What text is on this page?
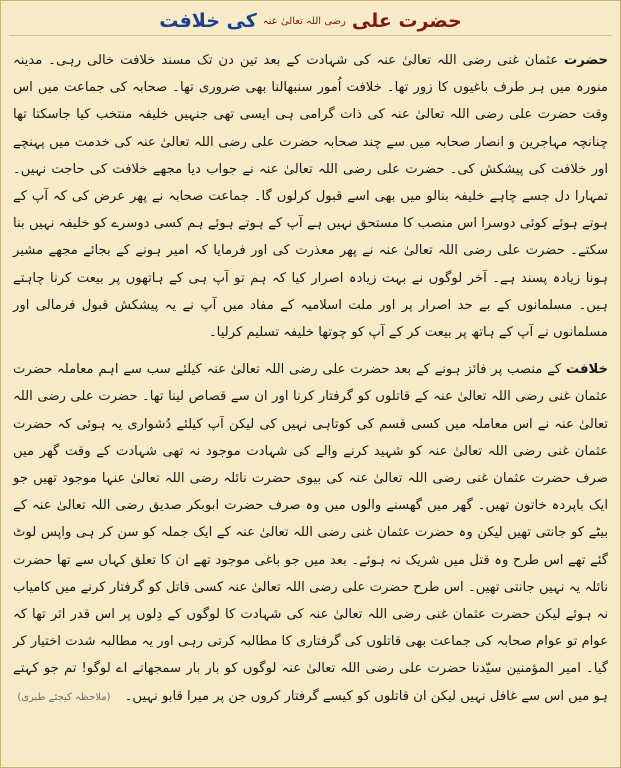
حضرت علی
رضی اللہ تعالیٰ عنہ
کی خلافت

حضرت عثمان غنی رضی اللہ تعالیٰ عنہ کی شہادت کے بعد تین دن تک مسند خلافت خالی رہی۔ مدینہ منورہ میں ہر طرف باغیوں کا زور تھا۔ خلافت اُمور سنبھالنا بھی ضروری تھا۔ صحابہ کی جماعت میں اس وقت حضرت علی رضی اللہ تعالیٰ عنہ کی ذات گرامی ہی ایسی تھی جنہیں خلیفہ منتخب کیا جاسکتا تھا چنانچہ مہاجرین و انصار صحابہ میں سے چند صحابہ حضرت علی رضی اللہ تعالیٰ عنہ کی خدمت میں پہنچے اور خلافت کی پیشکش کی۔ حضرت علی رضی اللہ تعالیٰ عنہ نے جواب دیا مجھے خلافت کی حاجت نہیں۔ تمہارا دل جسے چاہے خلیفہ بنالو میں بھی اسے قبول کرلوں گا۔ جماعت صحابہ نے پھر عرض کی کہ آپ کے ہوتے ہوئے کوئی دوسرا اس منصب کا مستحق نہیں ہے آپ کے ہوتے ہوئے ہم کسی دوسرے کو خلیفہ نہیں بنا سکتے۔ حضرت علی رضی اللہ تعالیٰ عنہ نے پھر معذرت کی اور فرمایا کہ امیر ہونے کے بجائے مجھے مشیر ہونا زیادہ پسند ہے۔ آخر لوگوں نے بہت زیادہ اصرار کیا کہ ہم تو آپ ہی کے ہاتھوں پر بیعت کرنا چاہتے ہیں۔ مسلمانوں کے بے حد اصرار پر اور ملت اسلامیہ کے مفاد میں آپ نے یہ پیشکش قبول فرمالی اور مسلمانوں نے آپ کے ہاتھ پر بیعت کر کے آپ کو چوتھا خلیفہ تسلیم کرلیا۔

خلافت کے منصب پر فائز ہونے کے بعد حضرت علی رضی اللہ تعالیٰ عنہ کیلئے سب سے اہم معاملہ حضرت عثمان غنی رضی اللہ تعالیٰ عنہ کے قاتلوں کو گرفتار کرنا اور ان سے قصاص لینا تھا۔ حضرت علی رضی اللہ تعالیٰ عنہ نے اس معاملہ میں کسی قسم کی کوتاہی نہیں کی لیکن آپ کیلئے دُشواری یہ ہوئی کہ حضرت عثمان غنی رضی اللہ تعالیٰ عنہ کو شہید کرنے والے کی شہادت موجود نہ تھی شہادت کے وقت گھر میں صرف حضرت عثمان غنی رضی اللہ تعالیٰ عنہ کی بیوی حضرت نائلہ رضی اللہ تعالیٰ عنہا موجود تھیں جو ایک باپردہ خاتون تھیں۔ گھر میں گھسنے والوں میں وہ صرف حضرت ابوبکر صدیق رضی اللہ تعالیٰ عنہ کے بیٹے کو جانتی تھیں لیکن وہ حضرت عثمان غنی رضی اللہ تعالیٰ عنہ کے ایک جملہ کو سن کر ہی واپس لوٹ گئے تھے اس طرح وہ قتل میں شریک نہ ہوئے۔ بعد میں جو باغی موجود تھے ان کا تعلق کہاں سے تھا حضرت نائلہ یہ نہیں جانتی تھیں۔ اس طرح حضرت علی رضی اللہ تعالیٰ عنہ کسی قاتل کو گرفتار کرنے میں کامیاب نہ ہوئے لیکن حضرت عثمان غنی رضی اللہ تعالیٰ عنہ کی شہادت کا لوگوں کے دِلوں پر اس قدر اثر تھا کہ عوام تو عوام صحابہ کی جماعت بھی قاتلوں کی گرفتاری کا مطالبہ کرتی رہی اور یہ مطالبہ شدت اختیار کر گیا۔ امیر المؤمنین سیّدنا حضرت علی رضی اللہ تعالیٰ عنہ لوگوں کو بار بار سمجھاتے اے لوگو! تم جو کہتے ہو میں اس سے غافل نہیں لیکن ان قاتلوں کو کیسے گرفتار کروں جن پر میرا قابو نہیں۔ (ملاحظہ کیجئے طبری)
